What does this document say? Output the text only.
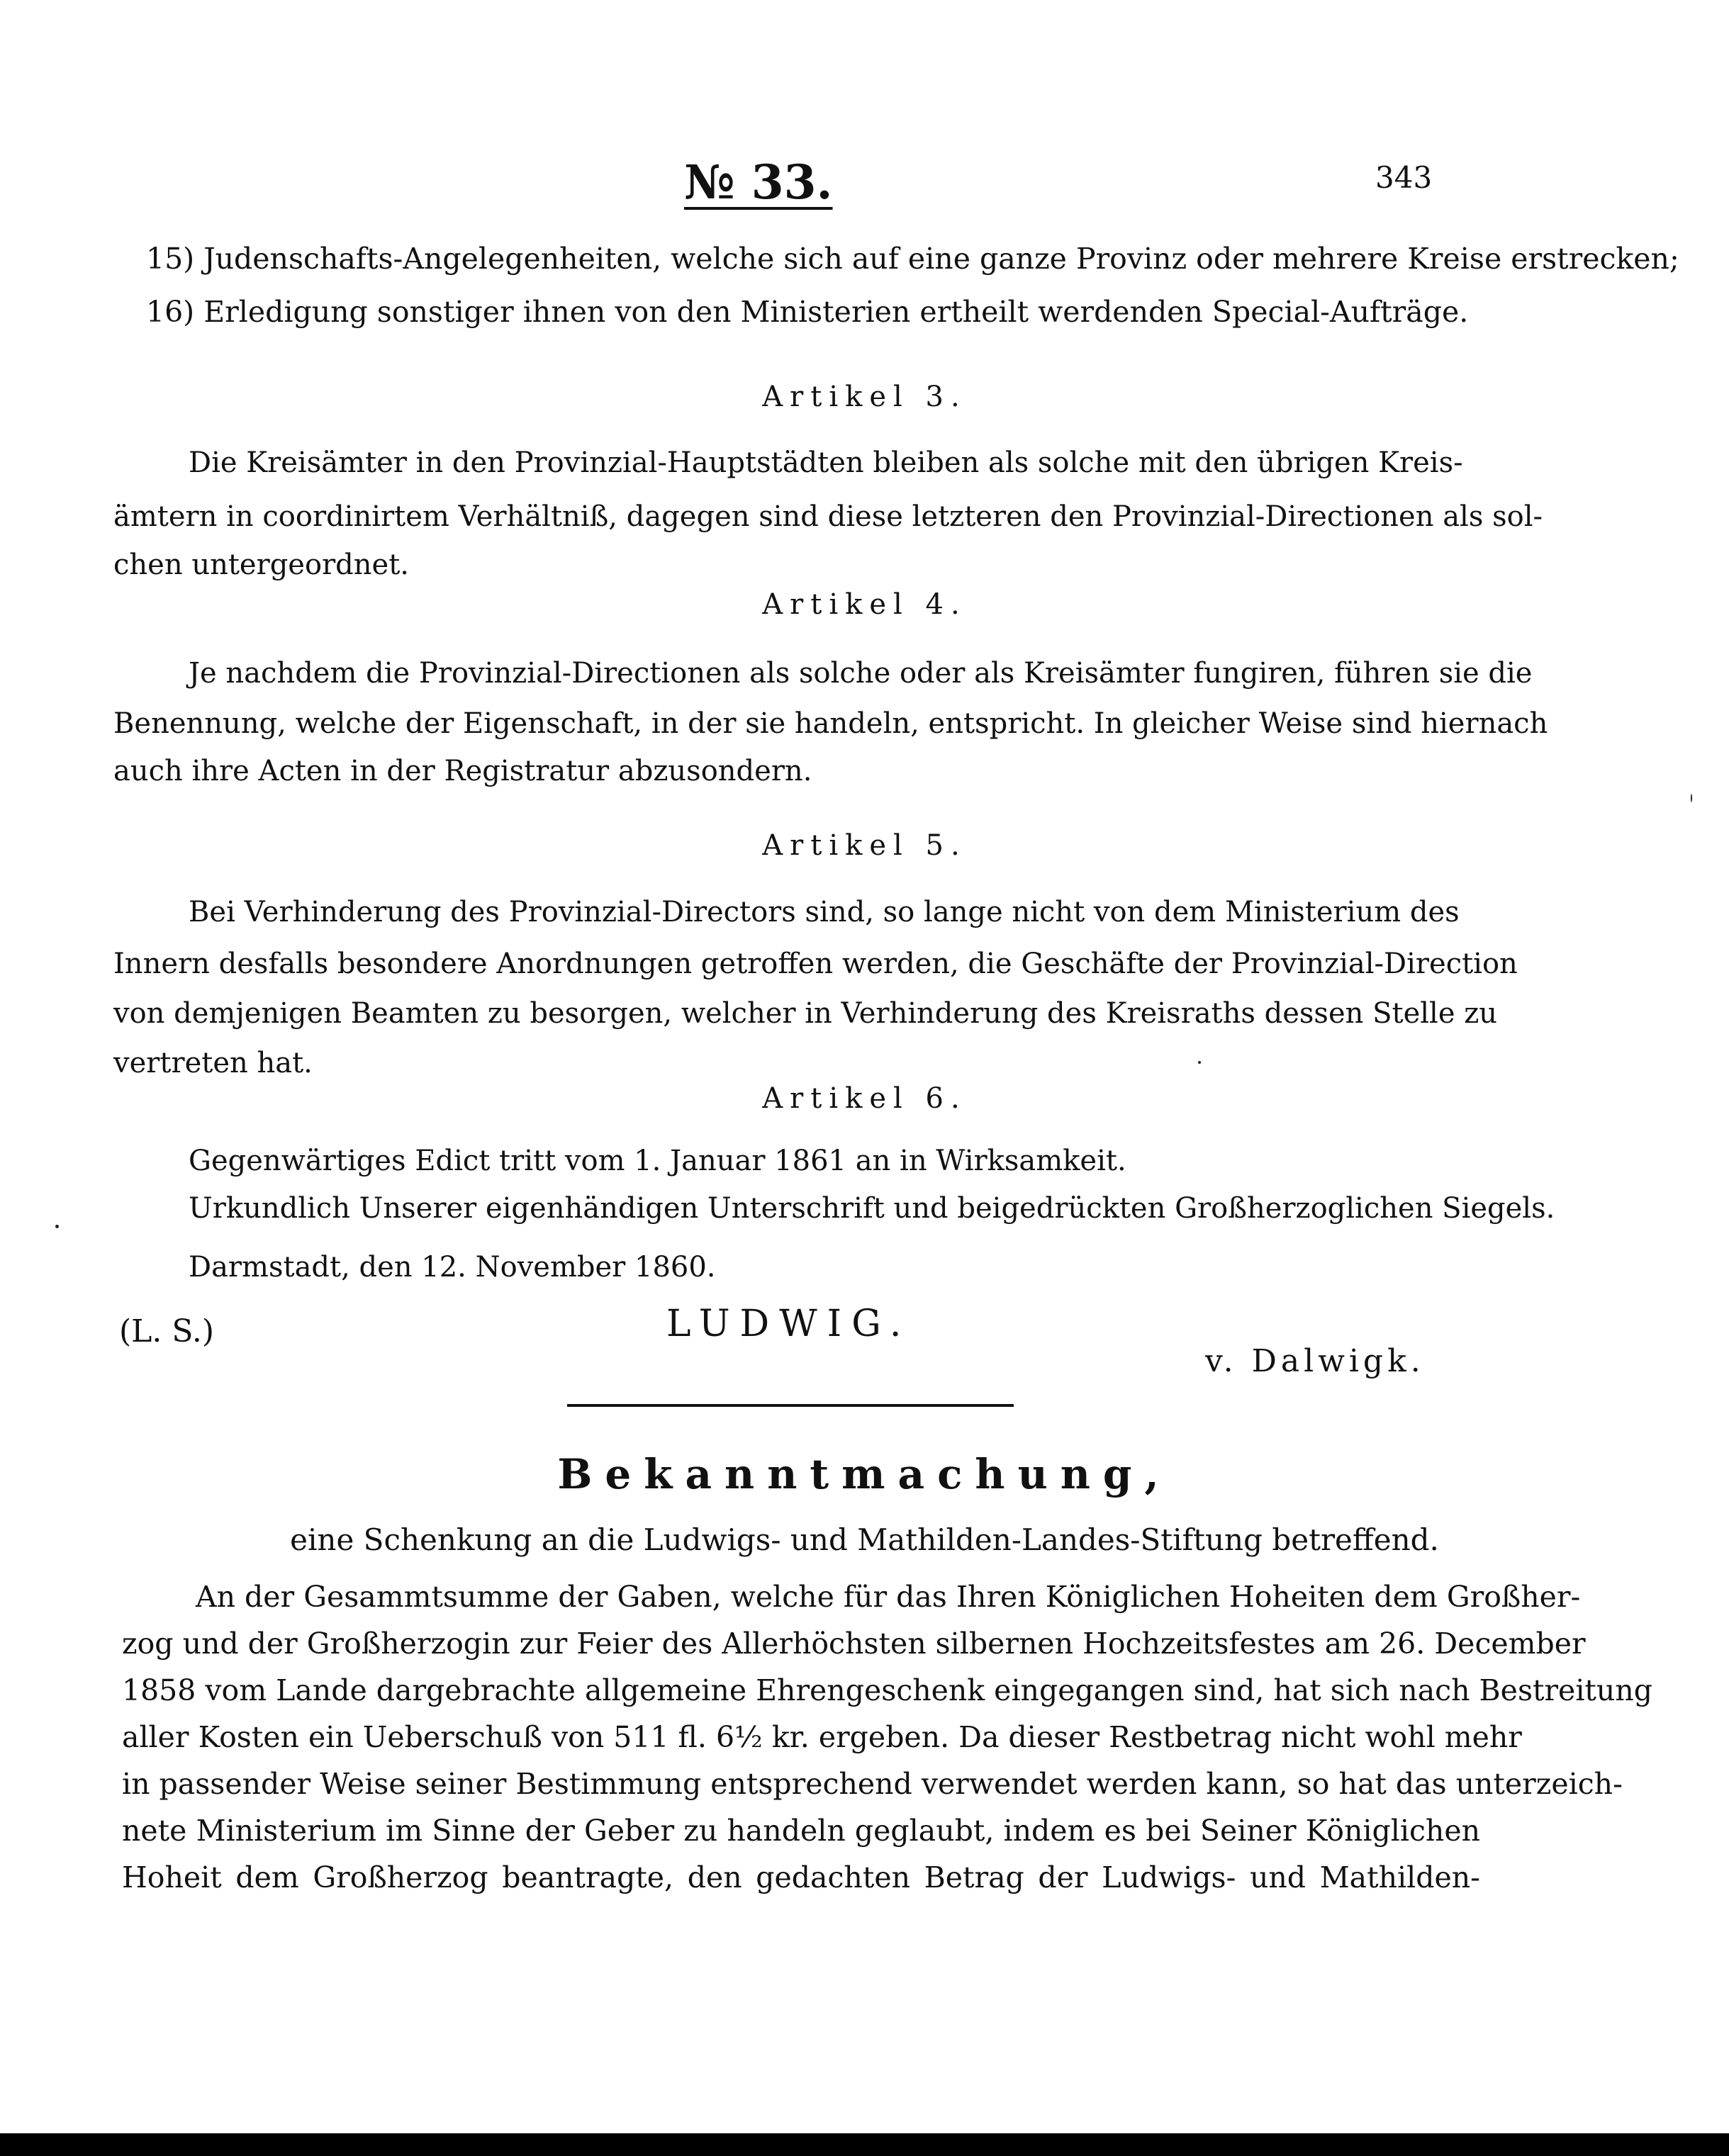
№ 33.	343
15) Judenschafts-Angelegenheiten, welche sich auf eine ganze Provinz oder mehrere Kreise erstrecken;
16) Erledigung sonstiger ihnen von den Ministerien ertheilt werdenden Special-Aufträge.
Artikel 3.
Die Kreisämter in den Provinzial-Hauptstädten bleiben als solche mit den übrigen Kreis-
ämtern in coordinirtem Verhältniß, dagegen sind diese letzteren den Provinzial-Directionen als sol-
chen untergeordnet.
Artikel 4.
Je nachdem die Provinzial-Directionen als solche oder als Kreisämter fungiren, führen sie die
Benennung, welche der Eigenschaft, in der sie handeln, entspricht. In gleicher Weise sind hiernach
auch ihre Acten in der Registratur abzusondern.
Artikel 5.
Bei Verhinderung des Provinzial-Directors sind, so lange nicht von dem Ministerium des
Innern desfalls besondere Anordnungen getroffen werden, die Geschäfte der Provinzial-Direction
von demjenigen Beamten zu besorgen, welcher in Verhinderung des Kreisraths dessen Stelle zu
vertreten hat.
Artikel 6.
Gegenwärtiges Edict tritt vom 1. Januar 1861 an in Wirksamkeit.
Urkundlich Unserer eigenhändigen Unterschrift und beigedrückten Großherzoglichen Siegels.
Darmstadt, den 12. November 1860.
(L. S.)	LUDWIG.
v. Dalwigk.
Bekanntmachung,
eine Schenkung an die Ludwigs- und Mathilden-Landes-Stiftung betreffend.
An der Gesammtsumme der Gaben, welche für das Ihren Königlichen Hoheiten dem Großher-
zog und der Großherzogin zur Feier des Allerhöchsten silbernen Hochzeitsfestes am 26. December
1858 vom Lande dargebrachte allgemeine Ehrengeschenk eingegangen sind, hat sich nach Bestreitung
aller Kosten ein Ueberschuß von 511 fl. 6½ kr. ergeben. Da dieser Restbetrag nicht wohl mehr
in passender Weise seiner Bestimmung entsprechend verwendet werden kann, so hat das unterzeich-
nete Ministerium im Sinne der Geber zu handeln geglaubt, indem es bei Seiner Königlichen
Hoheit dem Großherzog beantragte, den gedachten Betrag der Ludwigs- und Mathilden-
